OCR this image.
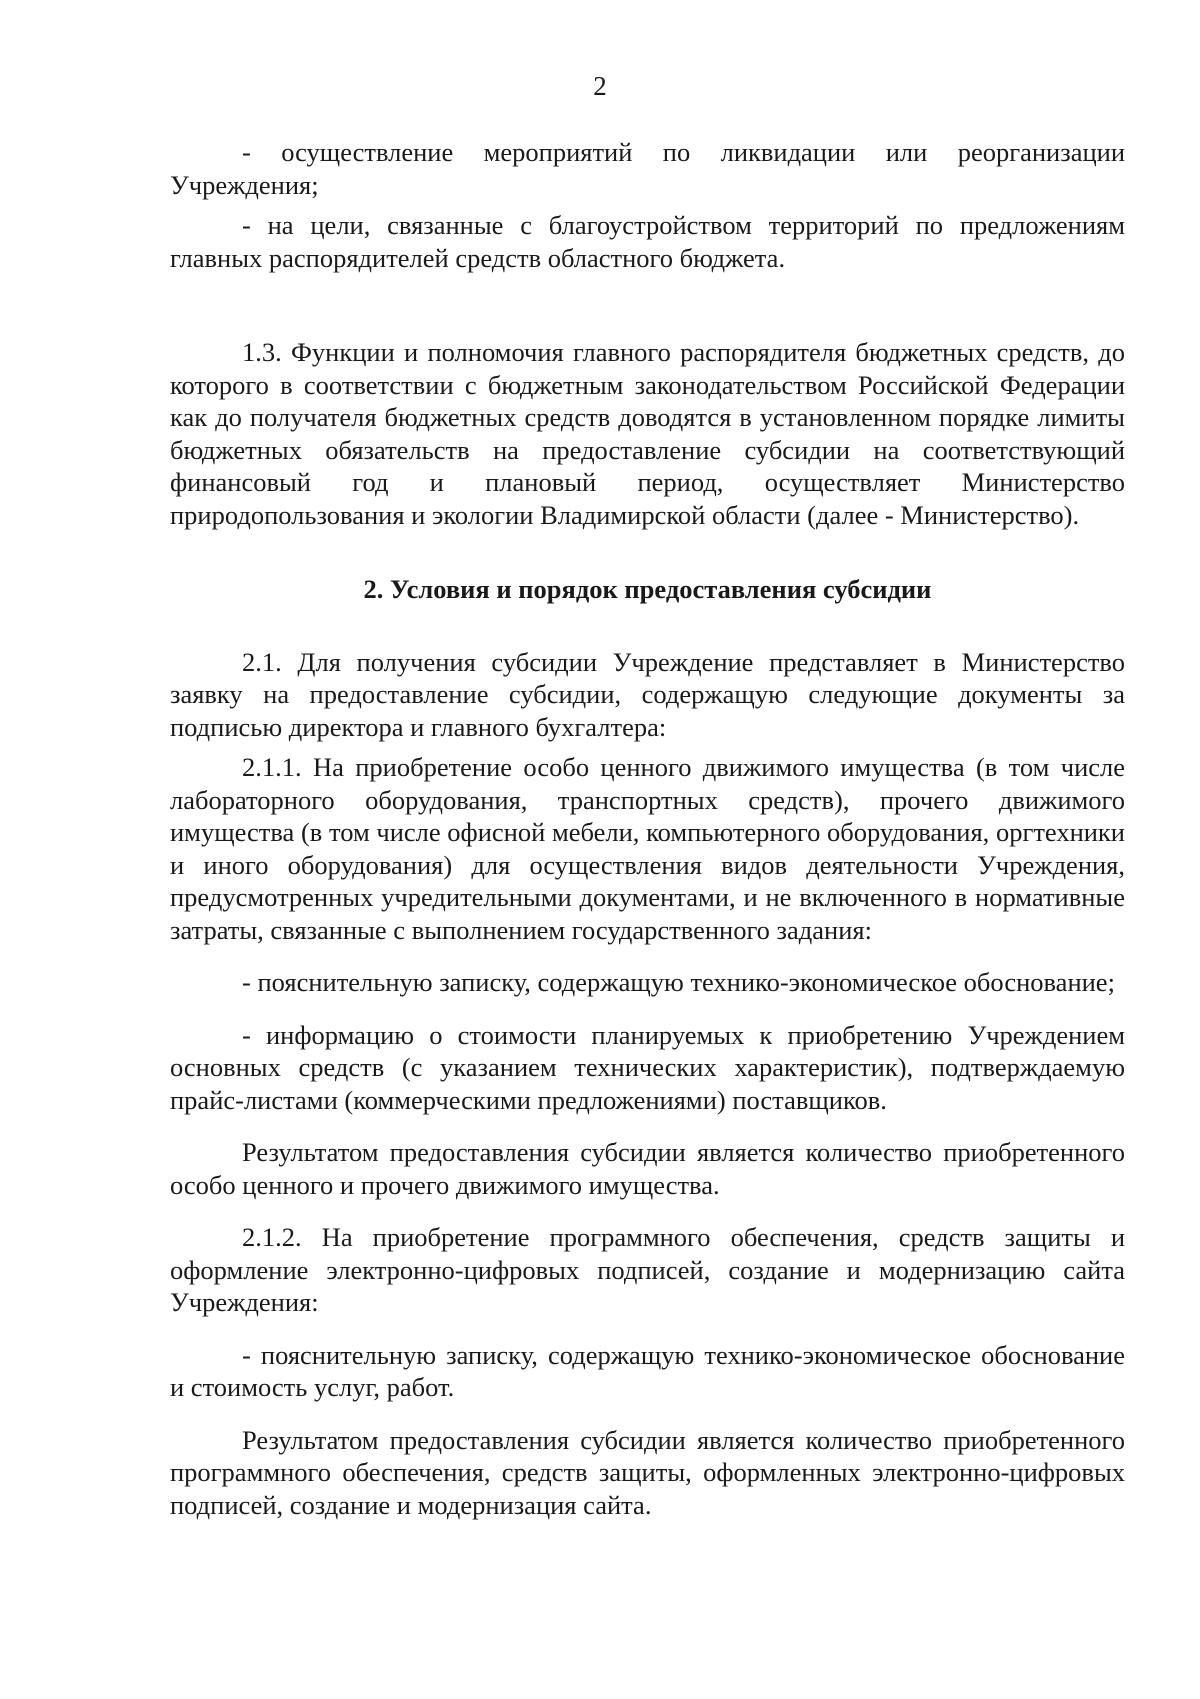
2

- осуществление мероприятий по ликвидации или реорганизации Учреждения;

- на цели, связанные с благоустройством территорий по предложениям главных распорядителей средств областного бюджета.

1.3. Функции и полномочия главного распорядителя бюджетных средств, до которого в соответствии с бюджетным законодательством Российской Федерации как до получателя бюджетных средств доводятся в установленном порядке лимиты бюджетных обязательств на предоставление субсидии на соответствующий финансовый год и плановый период, осуществляет Министерство природопользования и экологии Владимирской области (далее - Министерство).

2. Условия и порядок предоставления субсидии

2.1. Для получения субсидии Учреждение представляет в Министерство заявку на предоставление субсидии, содержащую следующие документы за подписью директора и главного бухгалтера:

2.1.1. На приобретение особо ценного движимого имущества (в том числе лабораторного оборудования, транспортных средств), прочего движимого имущества (в том числе офисной мебели, компьютерного оборудования, оргтехники и иного оборудования) для осуществления видов деятельности Учреждения, предусмотренных учредительными документами, и не включенного в нормативные затраты, связанные с выполнением государственного задания:

- пояснительную записку, содержащую технико-экономическое обоснование;

- информацию о стоимости планируемых к приобретению Учреждением основных средств (с указанием технических характеристик), подтверждаемую прайс-листами (коммерческими предложениями) поставщиков.

Результатом предоставления субсидии является количество приобретенного особо ценного и прочего движимого имущества.

2.1.2. На приобретение программного обеспечения, средств защиты и оформление электронно-цифровых подписей, создание и модернизацию сайта Учреждения:

- пояснительную записку, содержащую технико-экономическое обоснование и стоимость услуг, работ.

Результатом предоставления субсидии является количество приобретенного программного обеспечения, средств защиты, оформленных электронно-цифровых подписей, создание и модернизация сайта.
